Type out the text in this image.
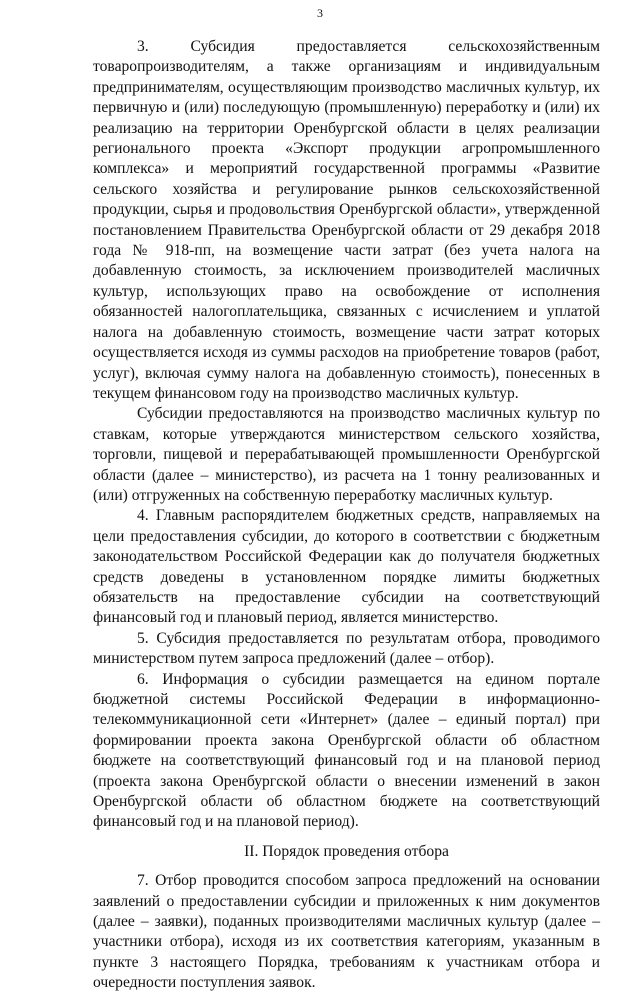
3

3. Субсидия предоставляется сельскохозяйственным товаропроизводителям, а также организациям и индивидуальным предпринимателям, осуществляющим производство масличных культур, их первичную и (или) последующую (промышленную) переработку и (или) их реализацию на территории Оренбургской области в целях реализации регионального проекта «Экспорт продукции агропромышленного комплекса» и мероприятий государственной программы «Развитие сельского хозяйства и регулирование рынков сельскохозяйственной продукции, сырья и продовольствия Оренбургской области», утвержденной постановлением Правительства Оренбургской области от 29 декабря 2018 года № 918-пп, на возмещение части затрат (без учета налога на добавленную стоимость, за исключением производителей масличных культур, использующих право на освобождение от исполнения обязанностей налогоплательщика, связанных с исчислением и уплатой налога на добавленную стоимость, возмещение части затрат которых осуществляется исходя из суммы расходов на приобретение товаров (работ, услуг), включая сумму налога на добавленную стоимость), понесенных в текущем финансовом году на производство масличных культур.

Субсидии предоставляются на производство масличных культур по ставкам, которые утверждаются министерством сельского хозяйства, торговли, пищевой и перерабатывающей промышленности Оренбургской области (далее – министерство), из расчета на 1 тонну реализованных и (или) отгруженных на собственную переработку масличных культур.

4. Главным распорядителем бюджетных средств, направляемых на цели предоставления субсидии, до которого в соответствии с бюджетным законодательством Российской Федерации как до получателя бюджетных средств доведены в установленном порядке лимиты бюджетных обязательств на предоставление субсидии на соответствующий финансовый год и плановый период, является министерство.

5. Субсидия предоставляется по результатам отбора, проводимого министерством путем запроса предложений (далее – отбор).

6. Информация о субсидии размещается на едином портале бюджетной системы Российской Федерации в информационно-телекоммуникационной сети «Интернет» (далее – единый портал) при формировании проекта закона Оренбургской области об областном бюджете на соответствующий финансовый год и на плановой период (проекта закона Оренбургской области о внесении изменений в закон Оренбургской области об областном бюджете на соответствующий финансовый год и на плановой период).

II. Порядок проведения отбора

7. Отбор проводится способом запроса предложений на основании заявлений о предоставлении субсидии и приложенных к ним документов (далее – заявки), поданных производителями масличных культур (далее – участники отбора), исходя из их соответствия категориям, указанным в пункте 3 настоящего Порядка, требованиям к участникам отбора и очередности поступления заявок.
